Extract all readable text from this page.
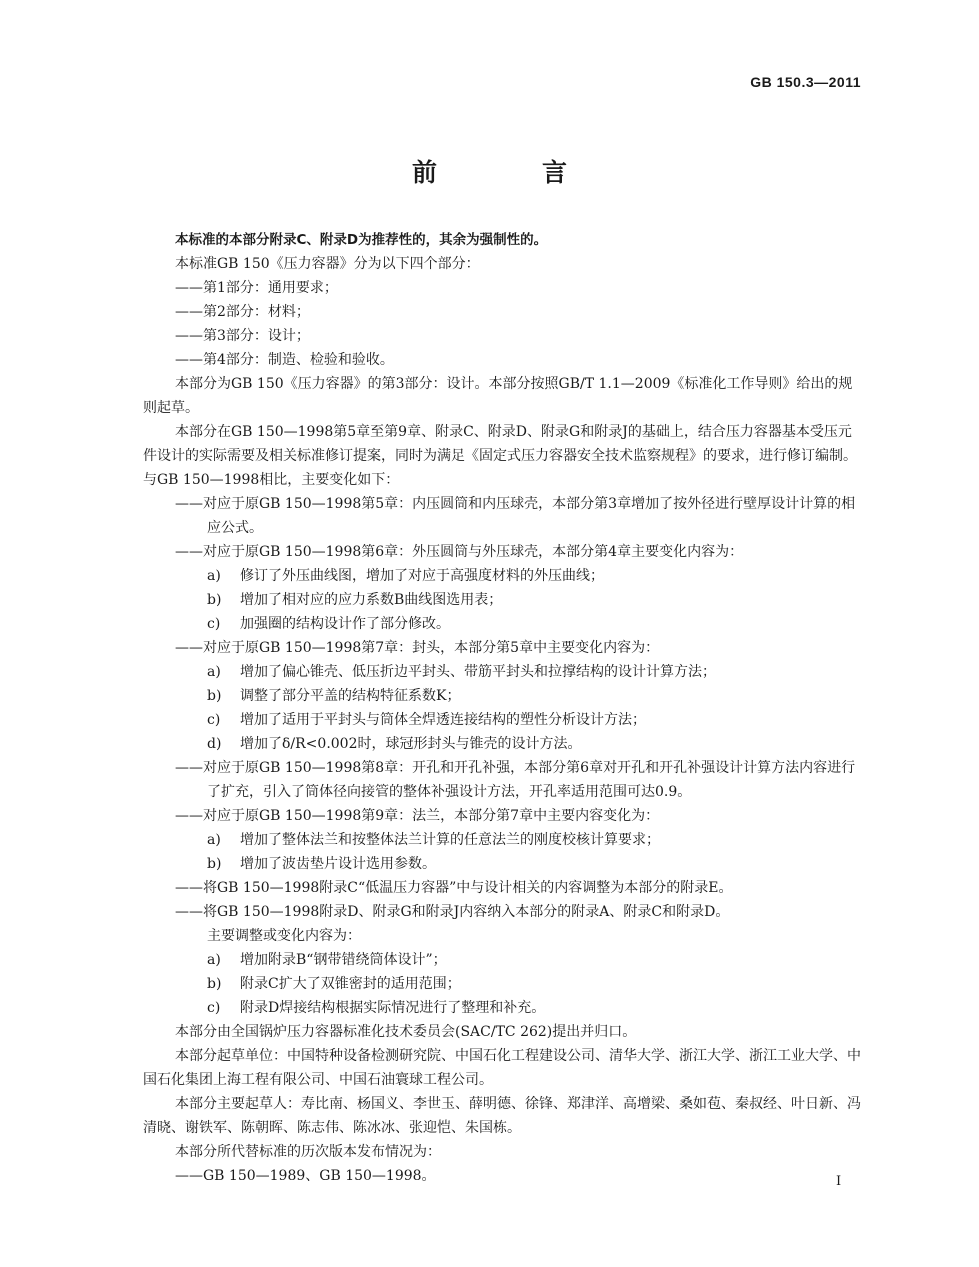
GB 150.3—2011
前　言

本标准的本部分附录C、附录D为推荐性的，其余为强制性的。

本标准GB 150《压力容器》分为以下四个部分：

——第1部分：通用要求；

——第2部分：材料；

——第3部分：设计；

——第4部分：制造、检验和验收。

本部分为GB 150《压力容器》的第3部分：设计。本部分按照GB/T 1.1—2009《标准化工作导则》给出的规则起草。

本部分在GB 150—1998第5章至第9章、附录C、附录D、附录G和附录J的基础上，结合压力容器基本受压元件设计的实际需要及相关标准修订提案，同时为满足《固定式压力容器安全技术监察规程》的要求，进行修订编制。与GB 150—1998相比，主要变化如下：

——对应于原GB 150—1998第5章：内压圆筒和内压球壳，本部分第3章增加了按外径进行壁厚设计计算的相应公式。

——对应于原GB 150—1998第6章：外压圆筒与外压球壳，本部分第4章主要变化内容为：

a) 修订了外压曲线图，增加了对应于高强度材料的外压曲线；

b) 增加了相对应的应力系数B曲线图选用表；

c) 加强圈的结构设计作了部分修改。

——对应于原GB 150—1998第7章：封头，本部分第5章中主要变化内容为：

a) 增加了偏心锥壳、低压折边平封头、带筋平封头和拉撑结构的设计计算方法；

b) 调整了部分平盖的结构特征系数K；

c) 增加了适用于平封头与筒体全焊透连接结构的塑性分析设计方法；

d) 增加了δ/R<0.002时，球冠形封头与锥壳的设计方法。

——对应于原GB 150—1998第8章：开孔和开孔补强，本部分第6章对开孔和开孔补强设计计算方法内容进行了扩充，引入了筒体径向接管的整体补强设计方法，开孔率适用范围可达0.9。

——对应于原GB 150—1998第9章：法兰，本部分第7章中主要内容变化为：

a) 增加了整体法兰和按整体法兰计算的任意法兰的刚度校核计算要求；

b) 增加了波齿垫片设计选用参数。

——将GB 150—1998附录C“低温压力容器”中与设计相关的内容调整为本部分的附录E。

——将GB 150—1998附录D、附录G和附录J内容纳入本部分的附录A、附录C和附录D。

主要调整或变化内容为：

a) 增加附录B“钢带错绕筒体设计”；

b) 附录C扩大了双锥密封的适用范围；

c) 附录D焊接结构根据实际情况进行了整理和补充。

本部分由全国锅炉压力容器标准化技术委员会(SAC/TC 262)提出并归口。

本部分起草单位：中国特种设备检测研究院、中国石化工程建设公司、清华大学、浙江大学、浙江工业大学、中国石化集团上海工程有限公司、中国石油寰球工程公司。

本部分主要起草人：寿比南、杨国义、李世玉、薛明德、徐锋、郑津洋、高增梁、桑如苞、秦叔经、叶日新、冯清晓、谢铁军、陈朝晖、陈志伟、陈冰冰、张迎恺、朱国栋。

本部分所代替标准的历次版本发布情况为：

——GB 150—1989、GB 150—1998。	I
